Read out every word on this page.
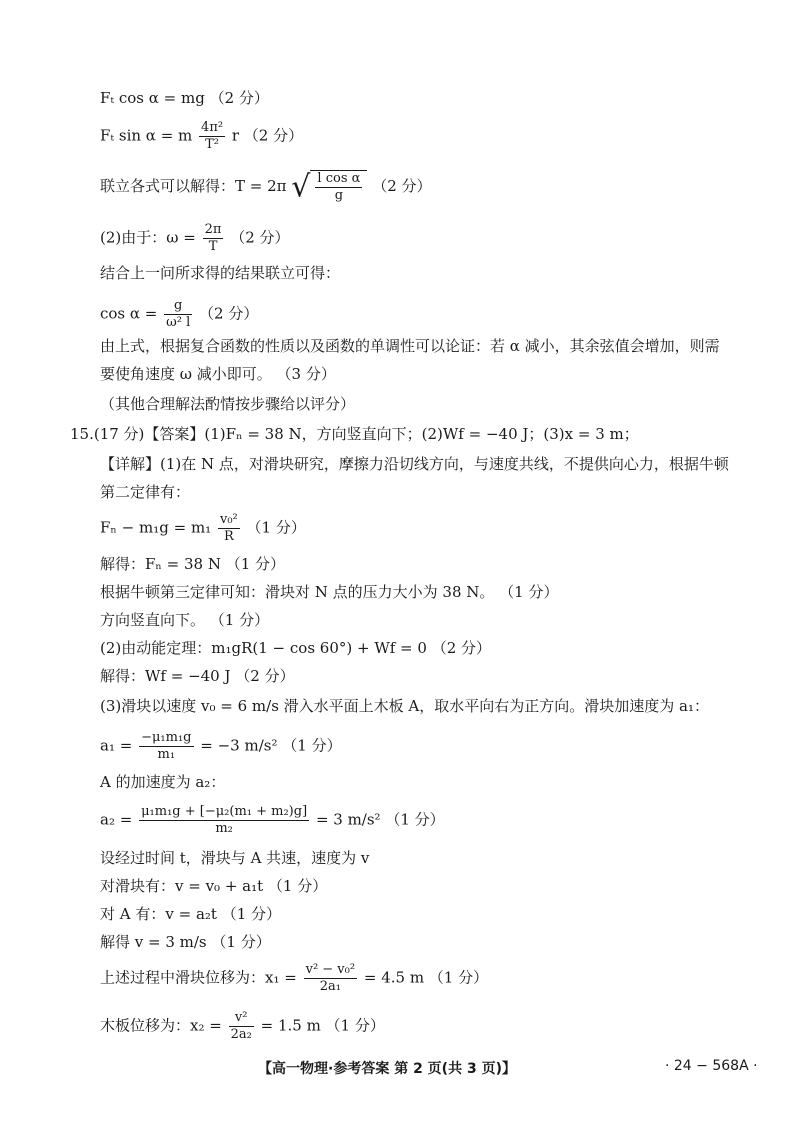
Fₜ cos α = mg （2 分）
Fₜ sin α = m $\frac{\text{4π²}}{\text{T²}}$ r （2 分）
联立各式可以解得：T = 2π √ $\frac{\text{l cos α}}{g} (2$ 分）
(2)由于：$\omega = \frac{2\pi}{T} (2$ 分）
结合上一问所求得的结果联立可得：
$\cos \alpha = \frac{g}{\text{ω² l}} (2$ 分）
由上式，根据复合函数的性质以及函数的单调性可以论证：若 α 减小，其余弦值会增加，则需
要使角速度 ω 减小即可。 （3 分）
（其他合理解法酌情按步骤给以评分）
15.(17 分)【答案】(1)Fₙ = 38 N，方向竖直向下；(2)Wf = −40 J；(3)x = 3 m；
【详解】(1)在 N 点，对滑块研究，摩擦力沿切线方向，与速度共线，不提供向心力，根据牛顿
第二定律有：
$F_n - m_1g = m_1 \frac{\text{v₀²}}{R} (1$ 分）
解得：Fₙ = 38 N （1 分）
根据牛顿第三定律可知：滑块对 N 点的压力大小为 38 N。 （1 分）
方向竖直向下。 （1 分）
(2)由动能定理：m₁gR(1 − cos 60°) + Wf = 0 （2 分）
解得：Wf = −40 J （2 分）
(3)滑块以速度 v₀ = 6 m/s 滑入水平面上木板 A，取水平向右为正方向。滑块加速度为 a₁：
$a_1 = \frac{\text{−μ₁m₁g}}{\text{m₁}} = -3$ m/s² （1 分）
A 的加速度为 a₂：
$a_2 = \frac{\text{μ₁m₁g + [−μ₂(m₁ + m₂)g]}}{\text{m₂}} = 3$ m/s² （1 分）
设经过时间 t，滑块与 A 共速，速度为 v
对滑块有：v = v₀ + a₁t （1 分）
对 A 有：v = a₂t （1 分）
解得 v = 3 m/s （1 分）
上述过程中滑块位移为：$x_1 = \frac{\text{v² − v₀²}}{\text{2a₁}} = 4.5$ m （1 分）
木板位移为：$x_2 = \frac{\text{v²}}{\text{2a₂}} = 1.5$ m （1 分）
【高一物理·参考答案 第 2 页(共 3 页)】	· 24 − 568A ·
